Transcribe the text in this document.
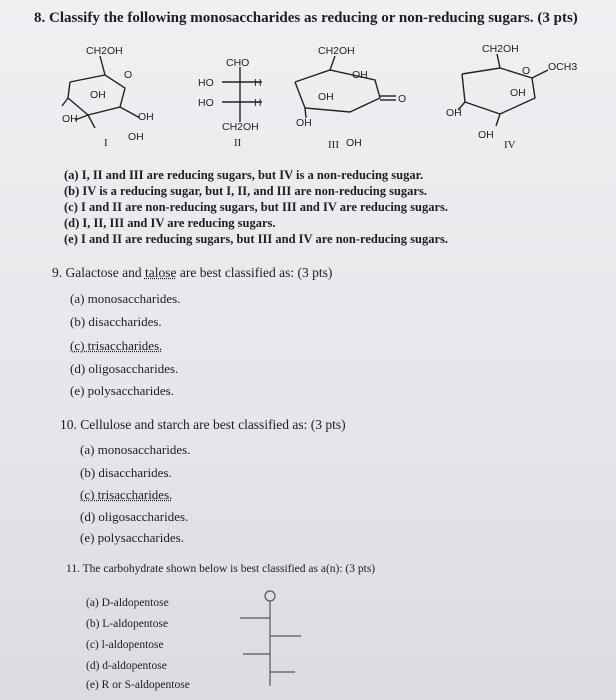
8. Classify the following monosaccharides as reducing or non-reducing sugars. (3 pts)
CH2OH
O
OH
OH	OH
OH
I
CHO
HO	H
HO	H
CH2OH
II
CH2OH
OH
OH	O
OH
OH
III
CH2OH
O OCH3
OH
OH
OH
IV
(a) I, II and III are reducing sugars, but IV is a non-reducing sugar.
(b) IV is a reducing sugar, but I, II, and III are non-reducing sugars.
(c) I and II are non-reducing sugars, but III and IV are reducing sugars.
(d) I, II, III and IV are reducing sugars.
(e) I and II are reducing sugars, but III and IV are non-reducing sugars.
9. Galactose and talose are best classified as: (3 pts)
(a) monosaccharides.
(b) disaccharides.
(c) trisaccharides.
(d) oligosaccharides.
(e) polysaccharides.
10. Cellulose and starch are best classified as: (3 pts)
(a) monosaccharides.
(b) disaccharides.
(c) trisaccharides.
(d) oligosaccharides.
(e) polysaccharides.
11. The carbohydrate shown below is best classified as a(n): (3 pts)
(a) D-aldopentose
(b) L-aldopentose
(c) l-aldopentose
(d) d-aldopentose
(e) R or S-aldopentose
